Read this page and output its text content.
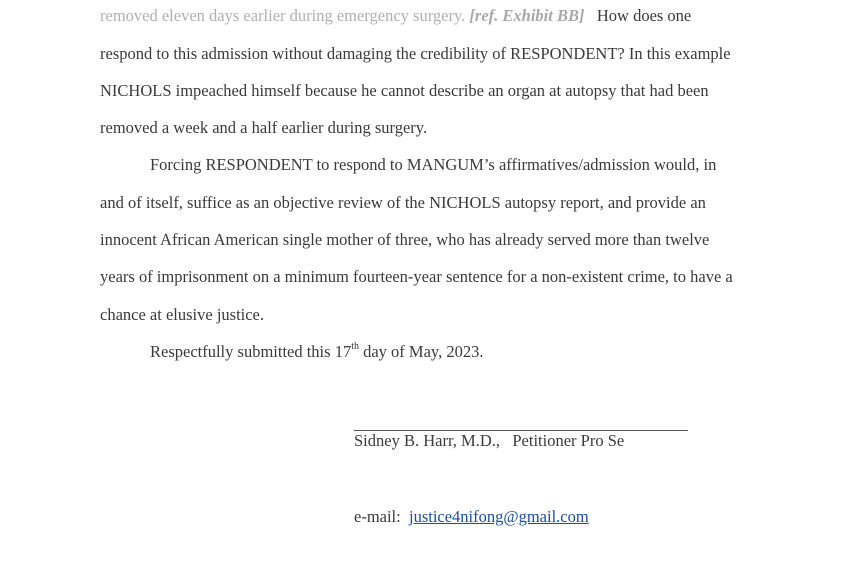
removed eleven days earlier during emergency surgery. [ref. Exhibit BB] How does one
respond to this admission without damaging the credibility of RESPONDENT? In this example
NICHOLS impeached himself because he cannot describe an organ at autopsy that had been
removed a week and a half earlier during surgery.
Forcing RESPONDENT to respond to MANGUM’s affirmatives/admission would, in
and of itself, suffice as an objective review of the NICHOLS autopsy report, and provide an
innocent African American single mother of three, who has already served more than twelve
years of imprisonment on a minimum fourteen-year sentence for a non-existent crime, to have a
chance at elusive justice.
Respectfully submitted this 17th day of May, 2023.
Sidney B. Harr, M.D.,   Petitioner Pro Se
e-mail: justice4nifong@gmail.com
